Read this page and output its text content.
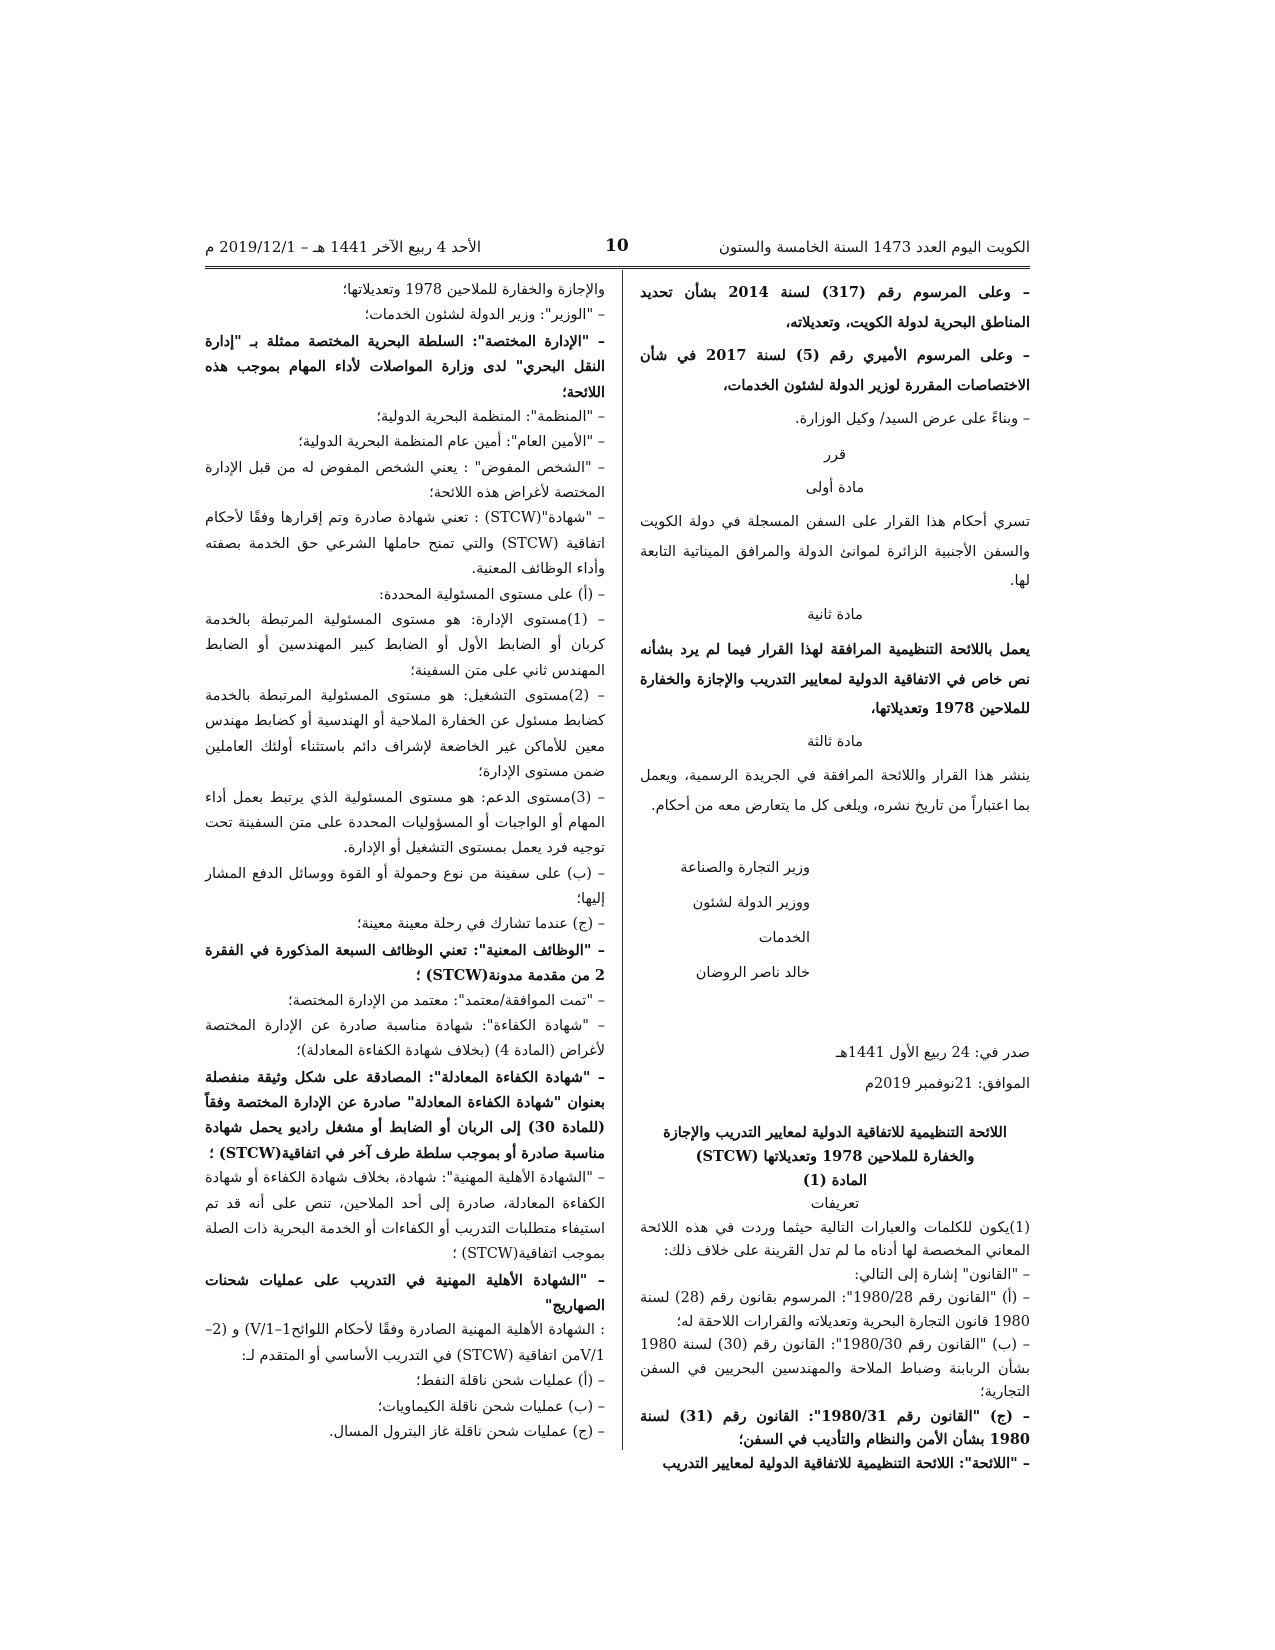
الكويت اليوم العدد 1473 السنة الخامسة والستون
10
الأحد 4 ربيع الآخر 1441 هـ – 2019/12/1 م

– وعلى المرسوم رقم (317) لسنة 2014 بشأن تحديد المناطق البحرية لدولة الكويت، وتعديلاته،

– وعلى المرسوم الأميري رقم (5) لسنة 2017 في شأن الاختصاصات المقررة لوزير الدولة لشئون الخدمات،

– وبناءً على عرض السيد/ وكيل الوزارة.

قرر

مادة أولى

تسري أحكام هذا القرار على السفن المسجلة في دولة الكويت والسفن الأجنبية الزائرة لموانئ الدولة والمرافق الميناتية التابعة لها.

مادة ثانية

يعمل باللائحة التنظيمية المرافقة لهذا القرار فيما لم يرد بشأنه نص خاص في الاتفاقية الدولية لمعايير التدريب والإجازة والخفارة للملاحين 1978 وتعديلاتها،

مادة ثالثة

ينشر هذا القرار واللائحة المرافقة في الجريدة الرسمية، ويعمل بما اعتباراً من تاريخ نشره، ويلغى كل ما يتعارض معه من أحكام.

وزير التجارة والصناعة

ووزير الدولة لشئون الخدمات

خالد ناصر الروضان

صدر في: 24 ربيع الأول 1441هـ

الموافق: 21نوفمبر 2019م

اللائحة التنظيمية للاتفاقية الدولية لمعايير التدريب والإجازة والخفارة للملاحين 1978 وتعديلاتها (STCW)

المادة (1)

تعريفات

(1)يكون للكلمات والعبارات التالية حيثما وردت في هذه اللائحة المعاني المخصصة لها أدناه ما لم تدل القرينة على خلاف ذلك:

– "القانون" إشارة إلى التالي:

– (أ) "القانون رقم 1980/28": المرسوم بقانون رقم (28) لسنة 1980 قانون التجارة البحرية وتعديلاته والقرارات اللاحقة له؛

– (ب) "القانون رقم 1980/30": القانون رقم (30) لسنة 1980 بشأن الربابنة وضباط الملاحة والمهندسين البحريين في السفن التجارية؛

– (ج) "القانون رقم 1980/31": القانون رقم (31) لسنة 1980 بشأن الأمن والنظام والتأديب في السفن؛

– "اللائحة": اللائحة التنظيمية للاتفاقية الدولية لمعايير التدريب

والإجازة والخفارة للملاحين 1978 وتعديلاتها؛

– "الوزير": وزير الدولة لشئون الخدمات؛

– "الإدارة المختصة": السلطة البحرية المختصة ممثلة بـ "إدارة النقل البحري" لدى وزارة المواصلات لأداء المهام بموجب هذه اللائحة؛

– "المنظمة": المنظمة البحرية الدولية؛

– "الأمين العام": أمين عام المنظمة البحرية الدولية؛

– "الشخص المفوض" : يعني الشخص المفوض له من قبل الإدارة المختصة لأغراض هذه اللائحة؛

– "شهادة"(STCW) : تعني شهادة صادرة وتم إقرارها وفقًا لأحكام اتفاقية (STCW) والتي تمنح حاملها الشرعي حق الخدمة بصفته وأداء الوظائف المعنية.

– (أ) على مستوى المسئولية المحددة:

– (1)مستوى الإدارة: هو مستوى المسئولية المرتبطة بالخدمة كربان أو الضابط الأول أو الضابط كبير المهندسين أو الضابط المهندس ثاني على متن السفينة؛

– (2)مستوى التشغيل: هو مستوى المسئولية المرتبطة بالخدمة كضابط مسئول عن الخفارة الملاحية أو الهندسية أو كضابط مهندس معين للأماكن غير الخاضعة لإشراف دائم باستثناء أولئك العاملين ضمن مستوى الإدارة؛

– (3)مستوى الدعم: هو مستوى المسئولية الذي يرتبط بعمل أداء المهام أو الواجبات أو المسؤوليات المحددة على متن السفينة تحت توجيه فرد يعمل بمستوى التشغيل أو الإدارة.

– (ب) على سفينة من نوع وحمولة أو القوة ووسائل الدفع المشار إليها؛

– (ج) عندما تشارك في رحلة معينة معينة؛

– "الوظائف المعنية": تعني الوظائف السبعة المذكورة في الفقرة 2 من مقدمة مدونة(STCW) ؛

– "تمت الموافقة/معتمد": معتمد من الإدارة المختصة؛

– "شهادة الكفاءة": شهادة مناسبة صادرة عن الإدارة المختصة لأغراض (المادة 4) (بخلاف شهادة الكفاءة المعادلة)؛

– "شهادة الكفاءة المعادلة": المصادقة على شكل وثيقة منفصلة بعنوان "شهادة الكفاءة المعادلة" صادرة عن الإدارة المختصة وفقاً (للمادة 30) إلى الربان أو الضابط أو مشغل راديو يحمل شهادة مناسبة صادرة أو بموجب سلطة طرف آخر في اتفاقية(STCW) ؛

– "الشهادة الأهلية المهنية": شهادة، بخلاف شهادة الكفاءة أو شهادة الكفاءة المعادلة، صادرة إلى أحد الملاحين، تنص على أنه قد تم استيفاء متطلبات التدريب أو الكفاءات أو الخدمة البحرية ذات الصلة بموجب اتفاقية(STCW) ؛

– "الشهادة الأهلية المهنية في التدريب على عمليات شحنات الصهاريج"

: الشهادة الأهلية المهنية الصادرة وفقًا لأحكام اللوائح1–V/1) و (2–V/1من اتفاقية (STCW) في التدريب الأساسي أو المتقدم لـ:

– (أ) عمليات شحن ناقلة النفط؛

– (ب) عمليات شحن ناقلة الكيماويات؛

– (ج) عمليات شحن ناقلة غاز البترول المسال.
